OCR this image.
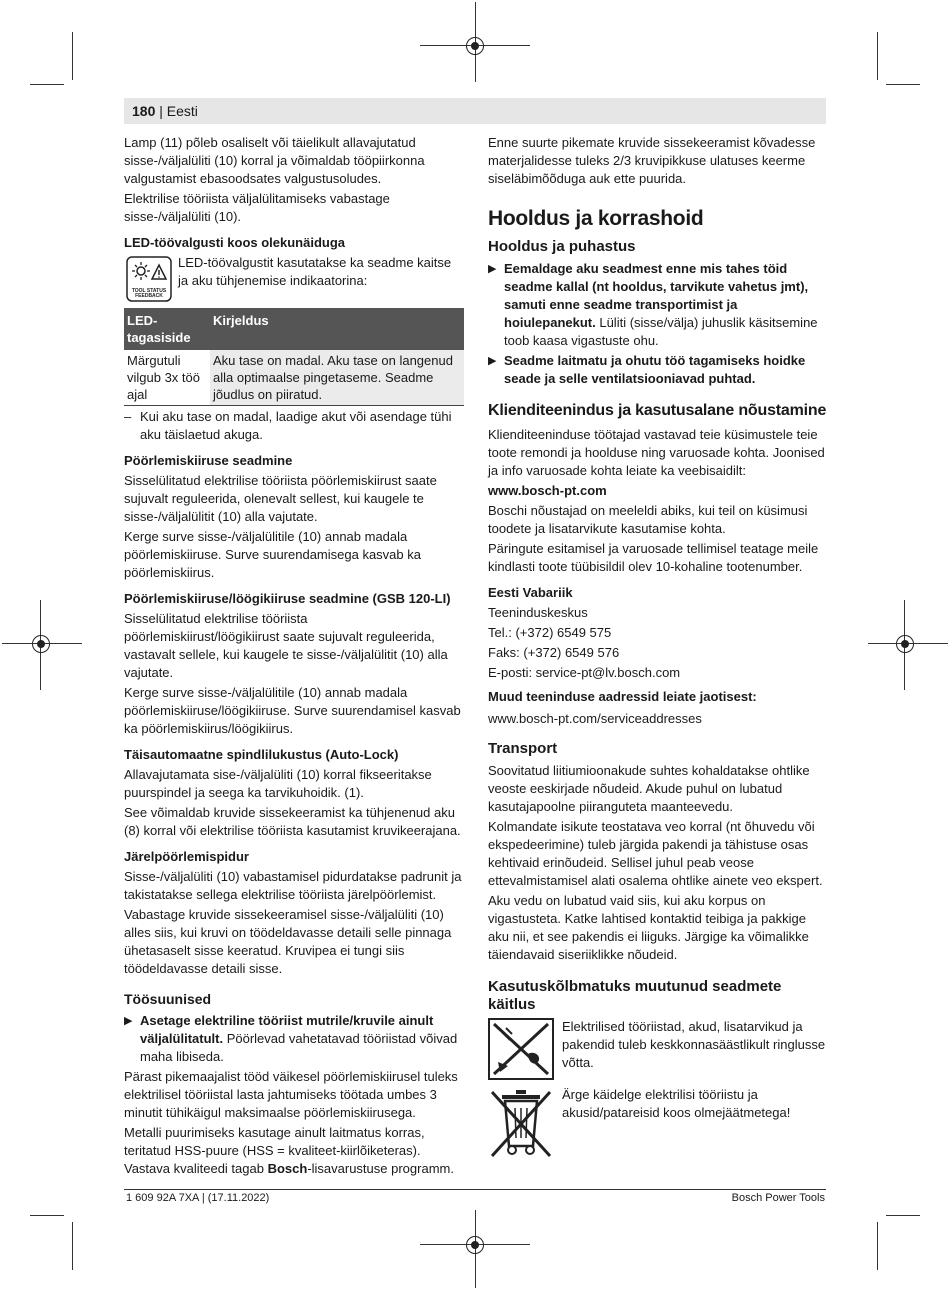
180 | Eesti

Lamp (11) põleb osaliselt või täielikult allavajutatud sisse-/väljalüliti (10) korral ja võimaldab tööpiirkonna valgustamist ebasoodsates valgustusoludes.

Elektrilise tööriista väljalülitamiseks vabastage sisse-/väljalüliti (10).

LED-töövalgusti koos olekunäiduga
TOOL STATUS
FEEDBACK

LED-töövalgustit kasutatakse ka seadme kaitse ja aku tühjenemise indikaatorina:

LED-tagasiside	Kirjeldus
Märgutuli vilgub 3x töö ajal	Aku tase on madal. Aku tase on langenud alla optimaalse pingetaseme. Seadme jõudlus on piiratud.
– Kui aku tase on madal, laadige akut või asendage tühi aku täislaetud akuga.
Pöörlemiskiiruse seadmine

Sisselülitatud elektrilise tööriista pöörlemiskiirust saate sujuvalt reguleerida, olenevalt sellest, kui kaugele te sisse-/väljalülitit (10) alla vajutate.

Kerge surve sisse-/väljalülitile (10) annab madala pöörlemiskiiruse. Surve suurendamisega kasvab ka pöörlemiskiirus.

Pöörlemiskiiruse/löögikiiruse seadmine (GSB 120-LI)

Sisselülitatud elektrilise tööriista pöörlemiskiirust/löögikiirust saate sujuvalt reguleerida, vastavalt sellele, kui kaugele te sisse-/väljalülitit (10) alla vajutate.

Kerge surve sisse-/väljalülitile (10) annab madala pöörlemiskiiruse/löögikiiruse. Surve suurendamisel kasvab ka pöörlemiskiirus/löögikiirus.

Täisautomaatne spindlilukustus (Auto-Lock)

Allavajutamata sise-/väljalüliti (10) korral fikseeritakse puurspindel ja seega ka tarvikuhoidik. (1).

See võimaldab kruvide sissekeeramist ka tühjenenud aku (8) korral või elektrilise tööriista kasutamist kruvikeerajana.

Järelpöörlemispidur

Sisse-/väljalüliti (10) vabastamisel pidurdatakse padrunit ja takistatakse sellega elektrilise tööriista järelpöörlemist.

Vabastage kruvide sissekeeramisel sisse-/väljalüliti (10) alles siis, kui kruvi on töödeldavasse detaili selle pinnaga ühetasaselt sisse keeratud. Kruvipea ei tungi siis töödeldavasse detaili sisse.

Töösuunised
▶ Asetage elektriline tööriist mutrile/kruvile ainult väljalülitatult. Pöörlevad vahetatavad tööriistad võivad maha libiseda.

Pärast pikemaajalist tööd väikesel pöörlemiskiirusel tuleks elektrilisel tööriistal lasta jahtumiseks töötada umbes 3 minutit tühikäigul maksimaalse pöörlemiskiirusega.

Metalli puurimiseks kasutage ainult laitmatus korras, teritatud HSS-puure (HSS = kvaliteet-kiirlõiketeras). Vastava kvaliteedi tagab Bosch-lisavarustuse programm.

Enne suurte pikemate kruvide sissekeeramist kõvadesse materjalidesse tuleks 2/3 kruvipikkuse ulatuses keerme siseläbimõõduga auk ette puurida.

Hooldus ja korrashoid
Hooldus ja puhastus
▶ Eemaldage aku seadmest enne mis tahes töid seadme kallal (nt hooldus, tarvikute vahetus jmt), samuti enne seadme transportimist ja hoiulepanekut. Lüliti (sisse/välja) juhuslik käsitsemine toob kaasa vigastuste ohu.
▶ Seadme laitmatu ja ohutu töö tagamiseks hoidke seade ja selle ventilatsiooniavad puhtad.
Klienditeenindus ja kasutusalane nõustamine

Klienditeeninduse töötajad vastavad teie küsimustele teie toote remondi ja hoolduse ning varuosade kohta. Joonised ja info varuosade kohta leiate ka veebisaidilt:

www.bosch-pt.com

Boschi nõustajad on meeleldi abiks, kui teil on küsimusi toodete ja lisatarvikute kasutamise kohta.

Päringute esitamisel ja varuosade tellimisel teatage meile kindlasti toote tüübisildil olev 10-kohaline tootenumber.

Eesti Vabariik

Teeninduskeskus

Tel.: (+372) 6549 575

Faks: (+372) 6549 576

E-posti: service-pt@lv.bosch.com

Muud teeninduse aadressid leiate jaotisest:

www.bosch-pt.com/serviceaddresses

Transport

Soovitatud liitiumioonakude suhtes kohaldatakse ohtlike veoste eeskirjade nõudeid. Akude puhul on lubatud kasutajapoolne piiranguteta maanteevedu.

Kolmandate isikute teostatava veo korral (nt õhuvedu või ekspedeerimine) tuleb järgida pakendi ja tähistuse osas kehtivaid erinõudeid. Sellisel juhul peab veose ettevalmistamisel alati osalema ohtlike ainete veo ekspert.

Aku vedu on lubatud vaid siis, kui aku korpus on vigastusteta. Katke lahtised kontaktid teibiga ja pakkige aku nii, et see pakendis ei liiguks. Järgige ka võimalikke täiendavaid siseriiklikke nõudeid.

Kasutuskõlbmatuks muutunud seadmete käitlus

Elektrilised tööriistad, akud, lisatarvikud ja pakendid tuleb keskkonnasäästlikult ringlusse võtta.

Ärge käidelge elektrilisi tööriistu ja akusid/patareisid koos olmejäätmetega!

1 609 92A 7XA | (17.11.2022)	Bosch Power Tools
